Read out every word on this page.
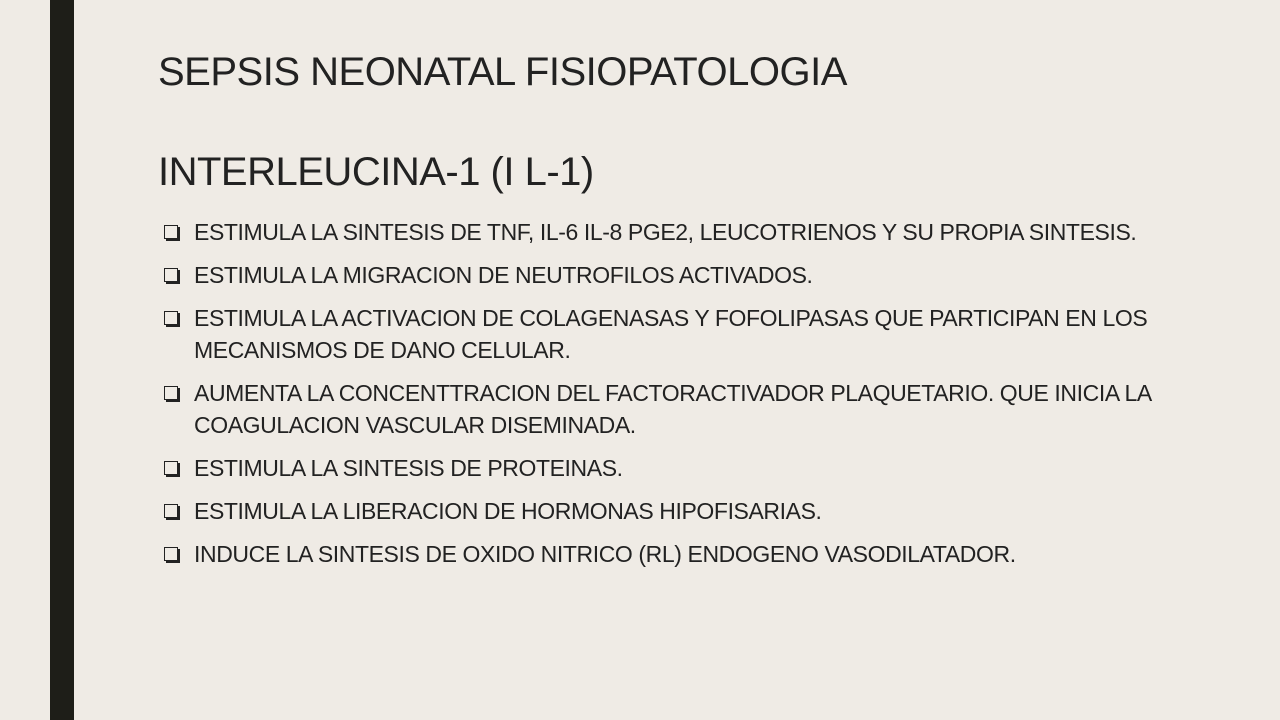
SEPSIS NEONATAL FISIOPATOLOGIA
INTERLEUCINA-1 (I L-1)
ESTIMULA LA SINTESIS DE TNF, IL-6 IL-8 PGE2, LEUCOTRIENOS Y SU PROPIA SINTESIS.
ESTIMULA LA MIGRACION DE NEUTROFILOS ACTIVADOS.
ESTIMULA LA ACTIVACION DE COLAGENASAS Y FOFOLIPASAS QUE PARTICIPAN EN LOS MECANISMOS DE DANO CELULAR.
AUMENTA LA CONCENTTRACION DEL FACTORACTIVADOR PLAQUETARIO. QUE INICIA LA COAGULACION VASCULAR DISEMINADA.
ESTIMULA LA SINTESIS DE PROTEINAS.
ESTIMULA LA LIBERACION DE HORMONAS HIPOFISARIAS.
INDUCE LA SINTESIS DE OXIDO NITRICO (RL) ENDOGENO VASODILATADOR.
